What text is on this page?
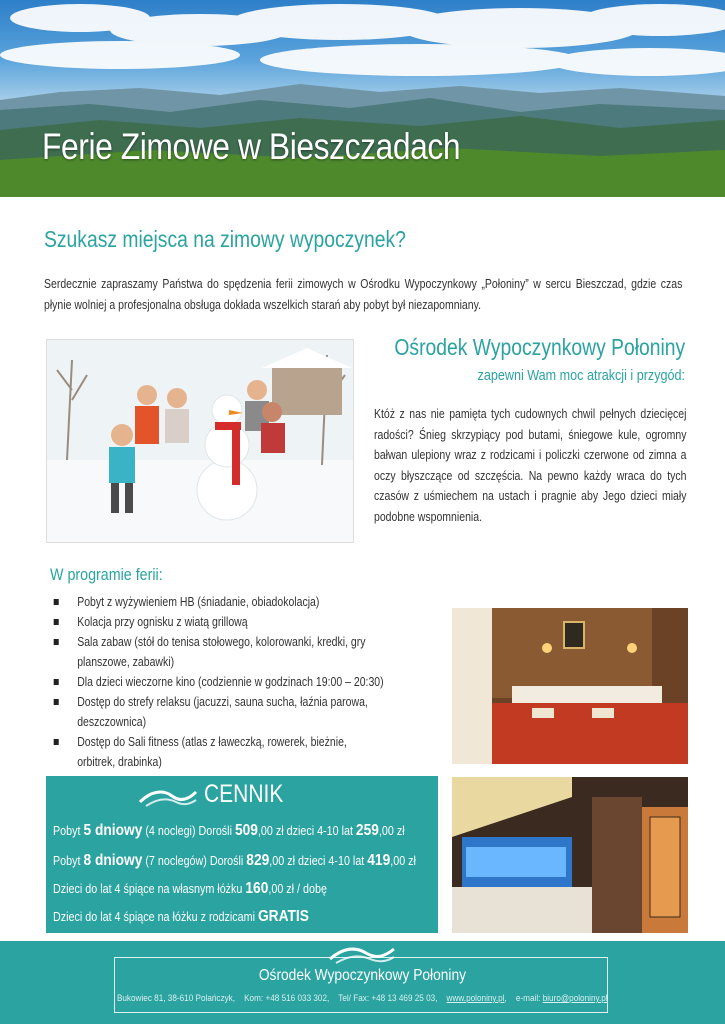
Ferie Zimowe w Bieszczadach
Szukasz miejsca na zimowy wypoczynek?
Serdecznie zapraszamy Państwa do spędzenia ferii zimowych w Ośrodku Wypoczynkowy „Połoniny” w sercu Bieszczad, gdzie czas płynie wolniej a profesjonalna obsługa dokłada wszelkich starań aby pobyt był niezapomniany.
Ośrodek Wypoczynkowy Połoniny
zapewni Wam moc atrakcji i przygód:
Któż z nas nie pamięta tych cudownych chwil pełnych dziecięcej radości? Śnieg skrzypiący pod butami, śniegowe kule, ogromny bałwan ulepiony wraz z rodzicami i policzki czerwone od zimna a oczy błyszczące od szczęścia. Na pewno każdy wraca do tych czasów z uśmiechem na ustach i pragnie aby Jego dzieci miały podobne wspomnienia.
W programie ferii:
Pobyt z wyżywieniem HB (śniadanie, obiadokolacja)
Kolacja przy ognisku z wiatą grillową
Sala zabaw (stół do tenisa stołowego, kolorowanki, kredki, gry planszowe, zabawki)
Dla dzieci wieczorne kino (codziennie w godzinach 19:00 – 20:30)
Dostęp do strefy relaksu (jacuzzi, sauna sucha, łaźnia parowa, deszczownica)
Dostęp do Sali fitness (atlas z ławeczką, rowerek, bieżnie, orbitrek, drabinka)
CENNIK
Pobyt 5 dniowy (4 noclegi) Dorośli 509,00 zł dzieci 4-10 lat 259,00 zł
Pobyt 8 dniowy (7 noclegów) Dorośli 829,00 zł dzieci 4-10 lat 419,00 zł
Dzieci do lat 4 śpiące na własnym łóżku 160,00 zł / dobę
Dzieci do lat 4 śpiące na łóżku z rodzicami GRATIS
Ośrodek Wypoczynkowy Połoniny
Bukowiec 81, 38-610 Polańczyk, Kom: +48 516 033 302, Tel/ Fax: +48 13 469 25 03, www.poloniny.pl,    e-mail: biuro@poloniny.pl
